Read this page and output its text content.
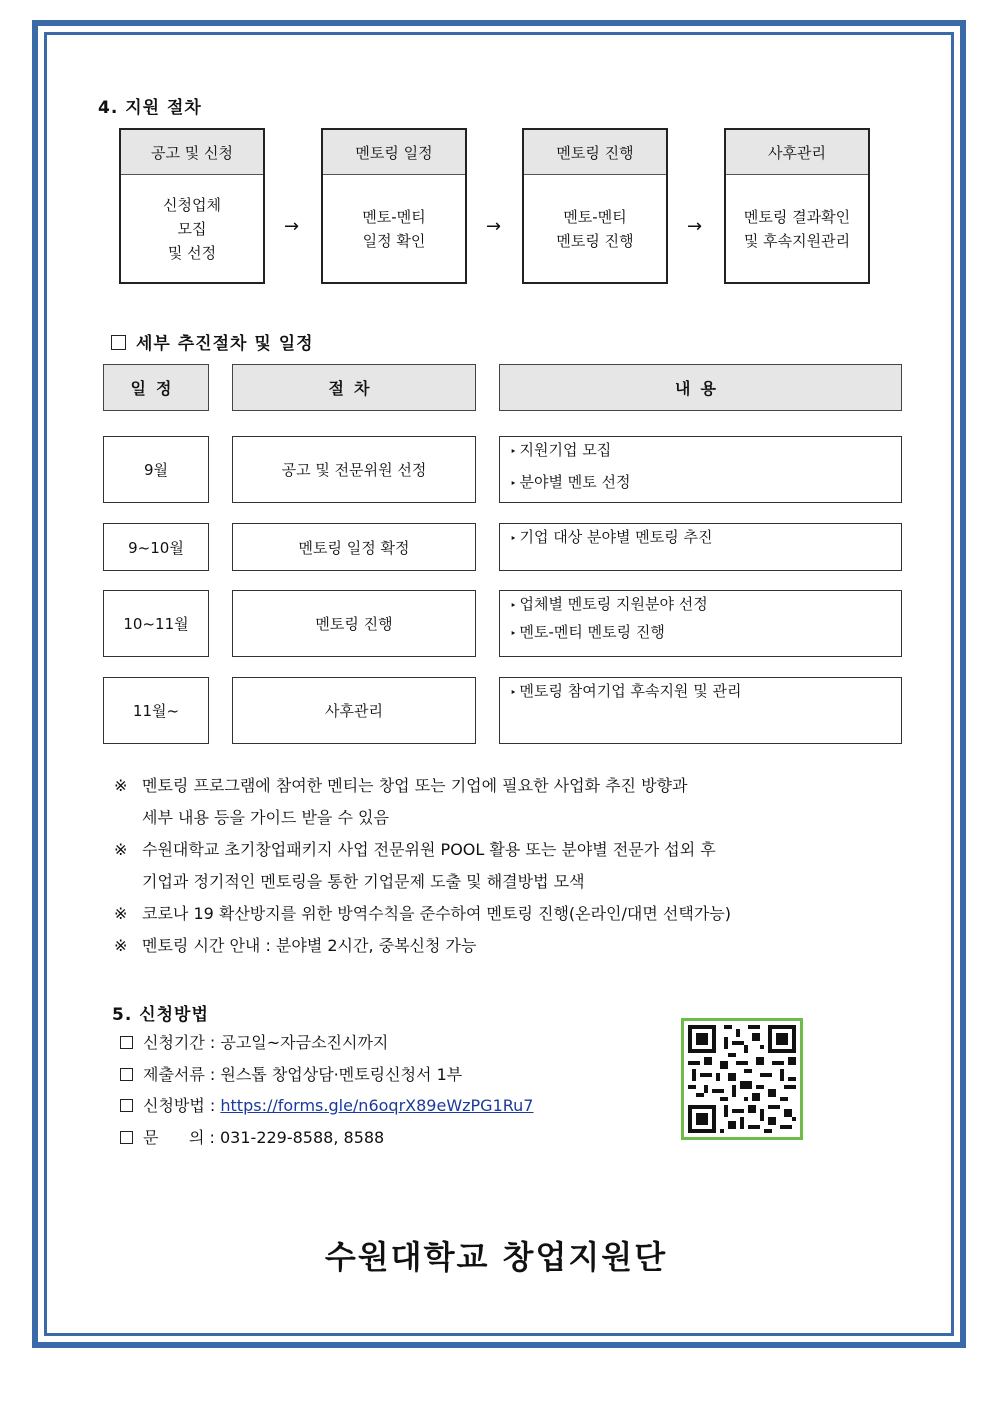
4. 지원 절차
공고 및 신청
신청업체
모집
및 선정
→
멘토링 일정
멘토-멘티
일정 확인
→
멘토링 진행
멘토-멘티
멘토링 진행
→
사후관리
멘토링 결과확인
및 후속지원관리
세부 추진절차 및 일정
일정	절차	내용
9월	공고 및 전문위원 선정
‣ 지원기업 모집
‣ 분야별 멘토 선정
9~10월	멘토링 일정 확정
‣ 기업 대상 분야별 멘토링 추진
10~11월	멘토링 진행
‣ 업체별 멘토링 지원분야 선정
‣ 멘토-멘티 멘토링 진행
11월~	사후관리
‣ 멘토링 참여기업 후속지원 및 관리
※ 멘토링 프로그램에 참여한 멘티는 창업 또는 기업에 필요한 사업화 추진 방향과
세부 내용 등을 가이드 받을 수 있음
※ 수원대학교 초기창업패키지 사업 전문위원 POOL 활용 또는 분야별 전문가 섭외 후
기업과 정기적인 멘토링을 통한 기업문제 도출 및 해결방법 모색
※ 코로나 19 확산방지를 위한 방역수칙을 준수하여 멘토링 진행(온라인/대면 선택가능)
※ 멘토링 시간 안내 : 분야별 2시간, 중복신청 가능
5. 신청방법
신청기간 : 공고일~자금소진시까지
제출서류 : 원스톱 창업상담·멘토링신청서 1부
신청방법 : https://forms.gle/n6oqrX89eWzPG1Ru7
문      의 : 031-229-8588, 8588
수원대학교 창업지원단
